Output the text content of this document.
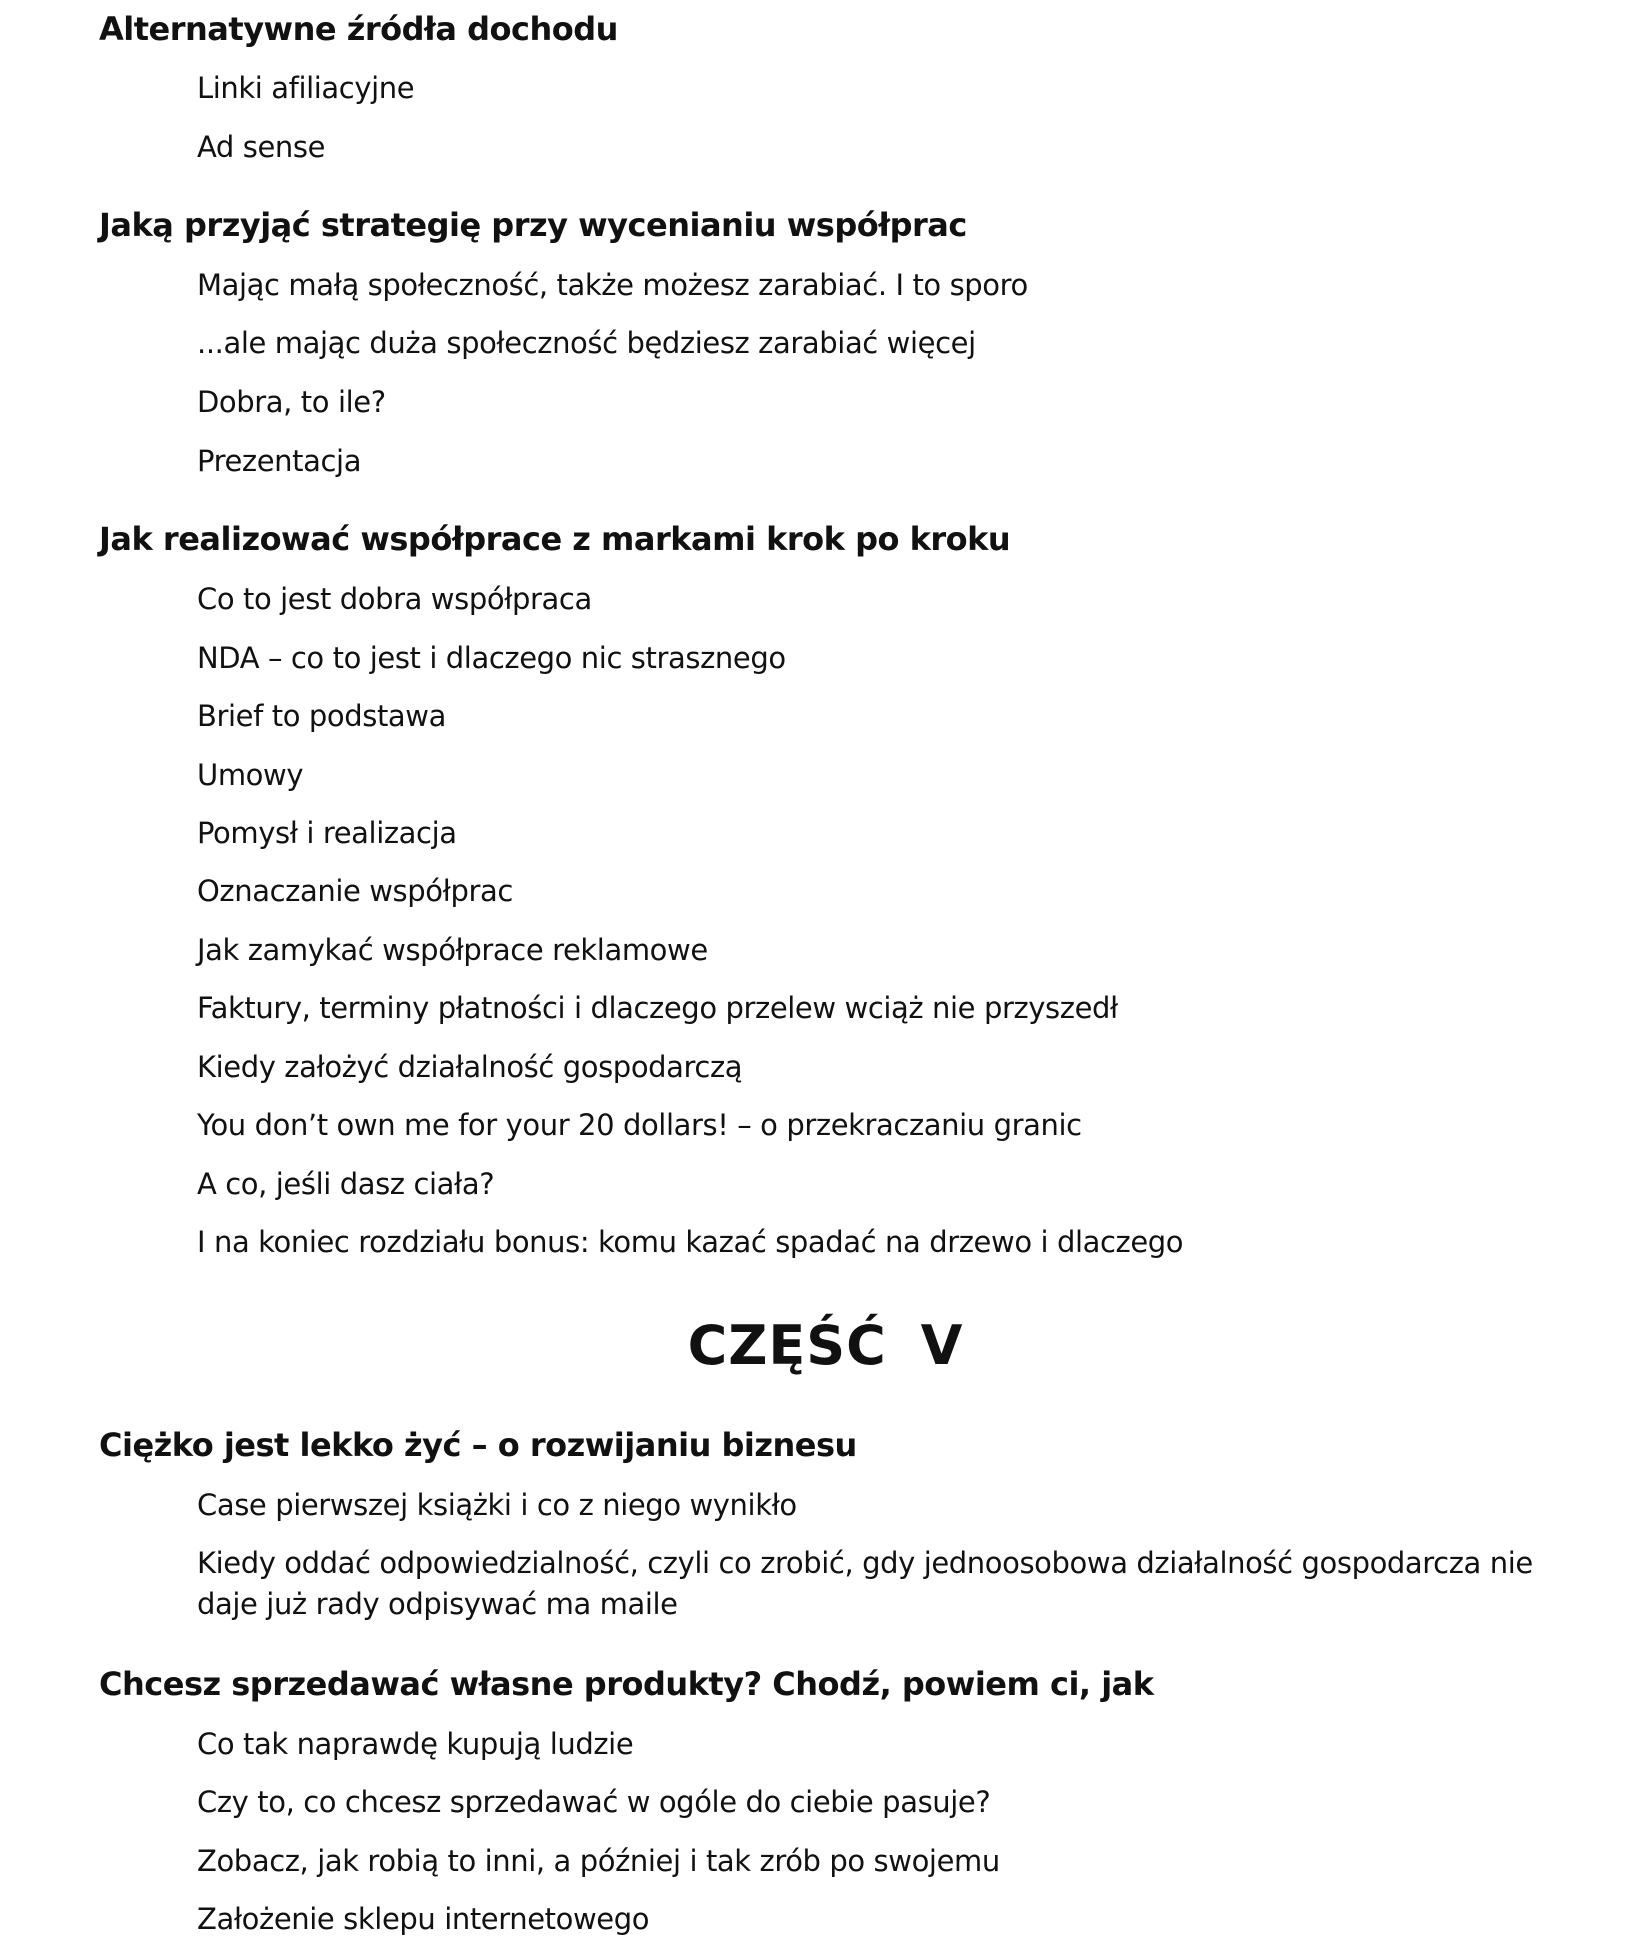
Alternatywne źródła dochodu
Linki afiliacyjne
Ad sense
Jaką przyjąć strategię przy wycenianiu współprac
Mając małą społeczność, także możesz zarabiać. I to sporo
...ale mając duża społeczność będziesz zarabiać więcej
Dobra, to ile?
Prezentacja
Jak realizować współprace z markami krok po kroku
Co to jest dobra współpraca
NDA – co to jest i dlaczego nic strasznego
Brief to podstawa
Umowy
Pomysł i realizacja
Oznaczanie współprac
Jak zamykać współprace reklamowe
Faktury, terminy płatności i dlaczego przelew wciąż nie przyszedł
Kiedy założyć działalność gospodarczą
You don’t own me for your 20 dollars! – o przekraczaniu granic
A co, jeśli dasz ciała?
I na koniec rozdziału bonus: komu kazać spadać na drzewo i dlaczego
CZĘŚĆ V
Ciężko jest lekko żyć – o rozwijaniu biznesu
Case pierwszej książki i co z niego wynikło
Kiedy oddać odpowiedzialność, czyli co zrobić, gdy jednoosobowa działalność gospodarcza nie daje już rady odpisywać ma maile
Chcesz sprzedawać własne produkty? Chodź, powiem ci, jak
Co tak naprawdę kupują ludzie
Czy to, co chcesz sprzedawać w ogóle do ciebie pasuje?
Zobacz, jak robią to inni, a później i tak zrób po swojemu
Założenie sklepu internetowego
